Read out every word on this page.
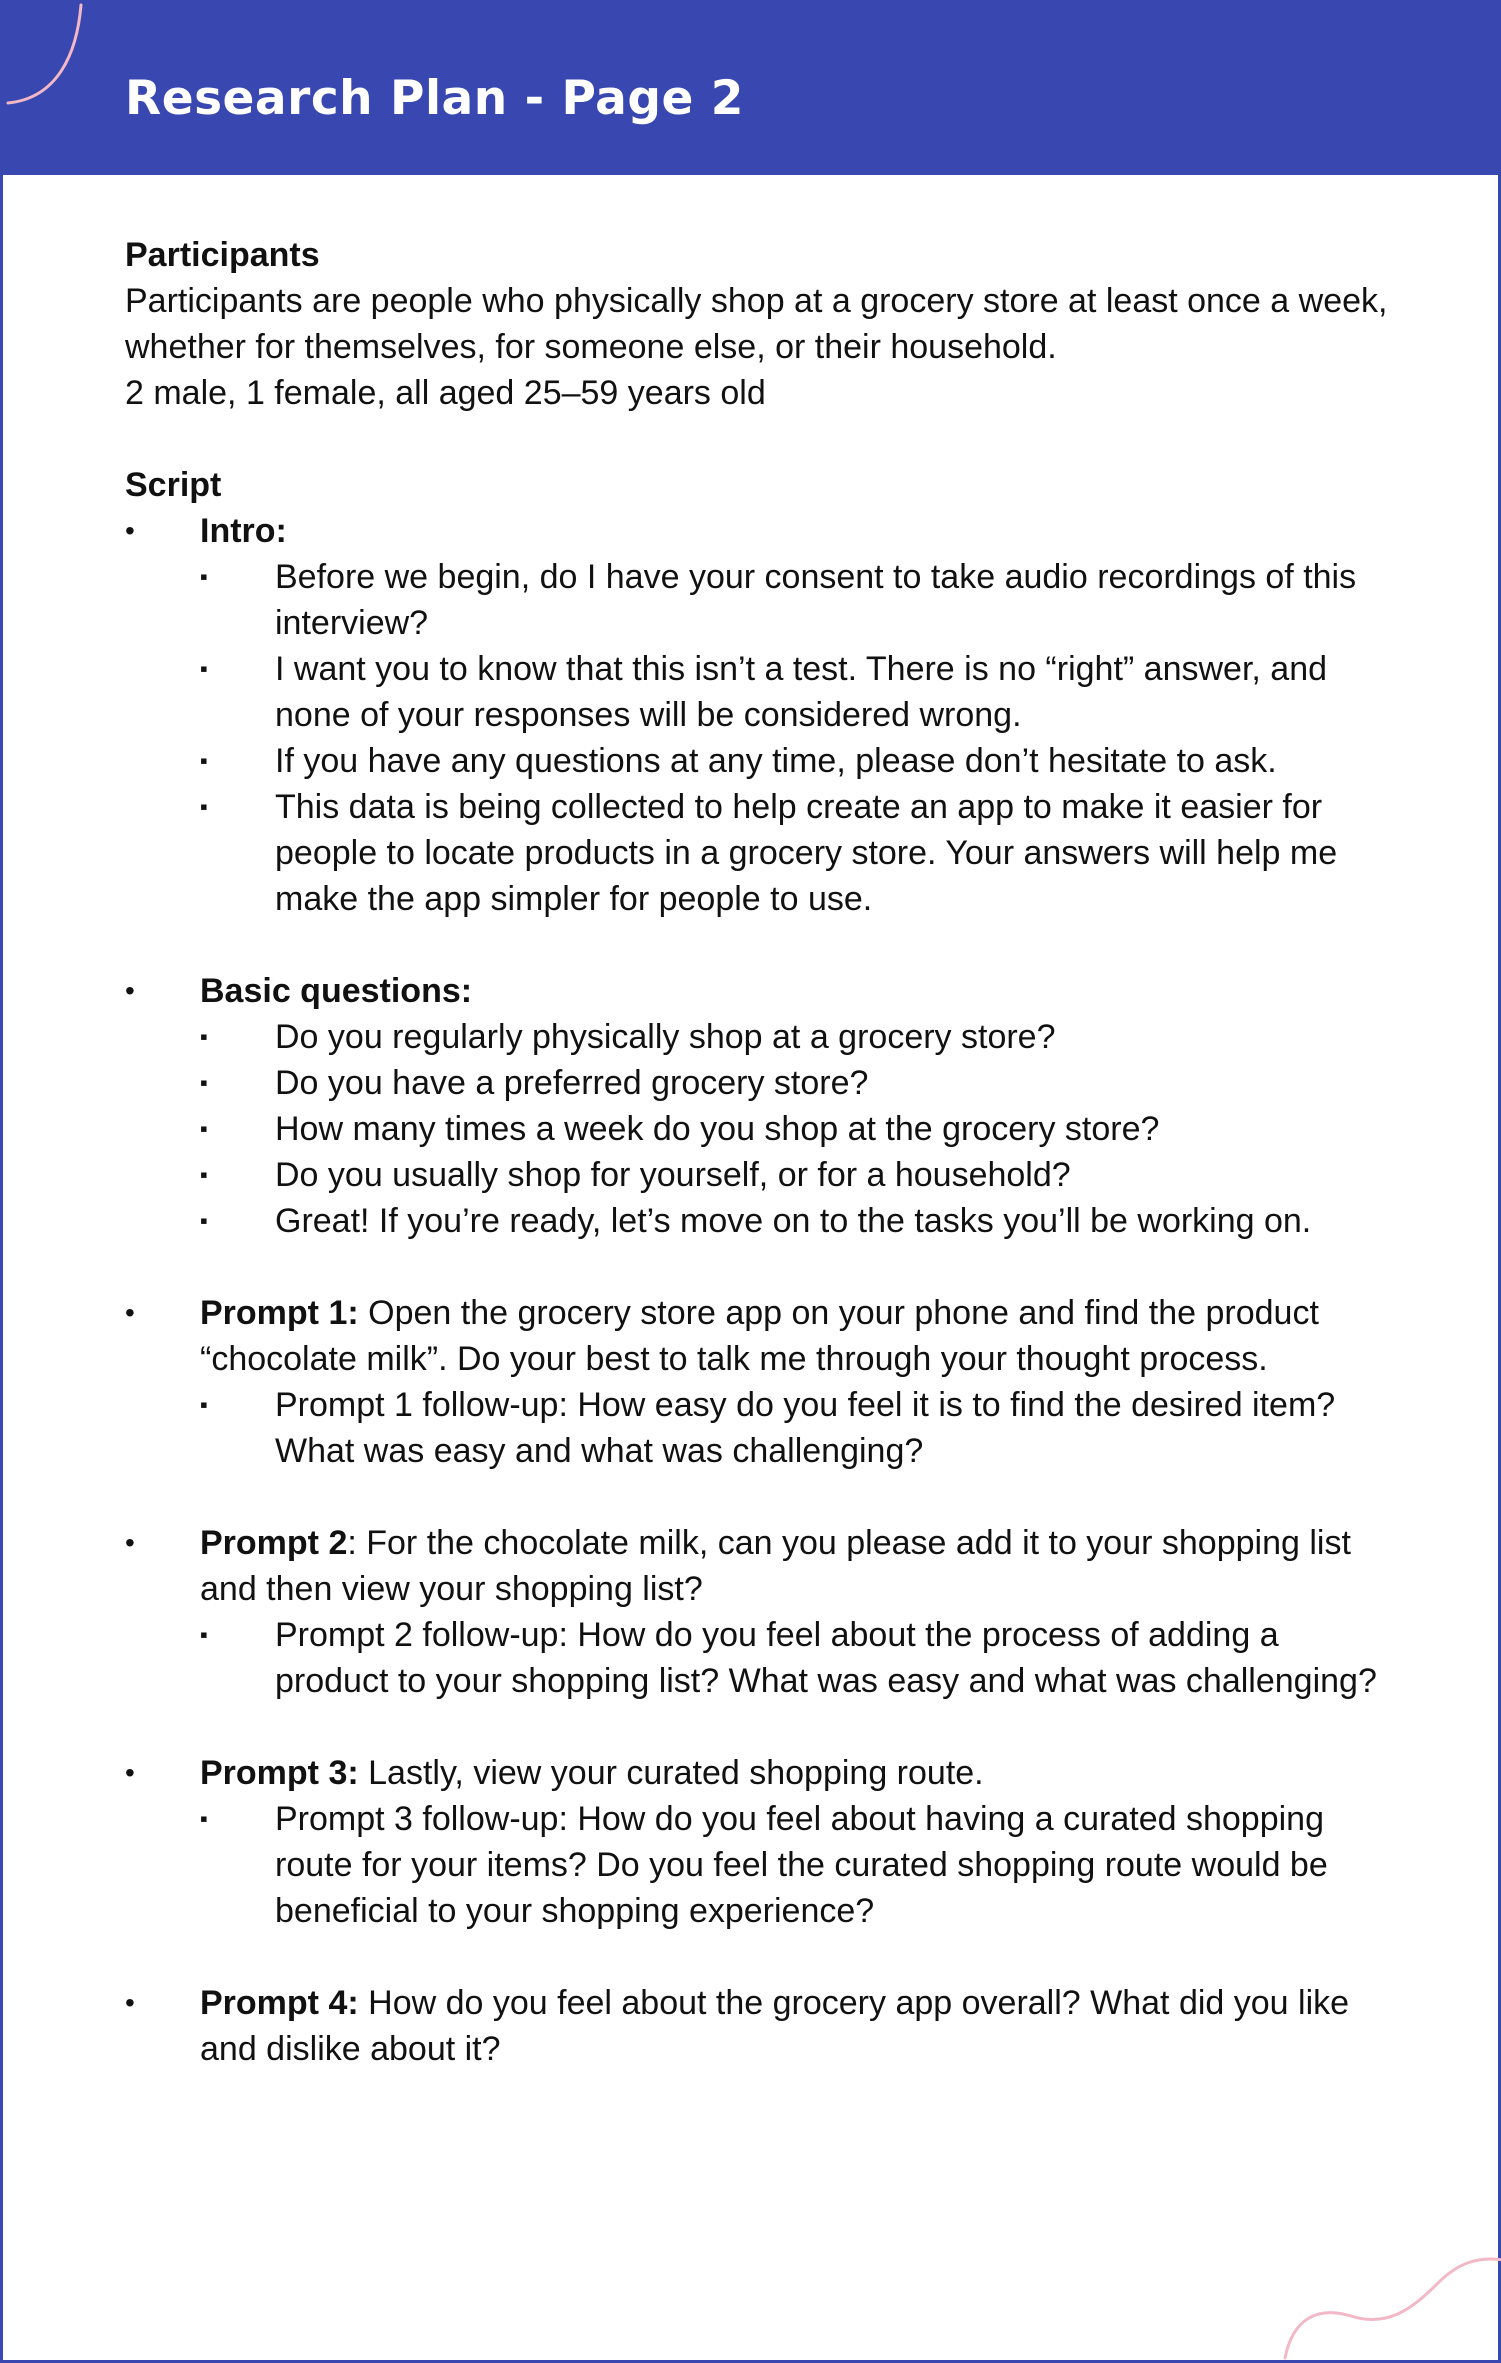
Research Plan - Page 2

Participants

Participants are people who physically shop at a grocery store at least once a week, whether for themselves, for someone else, or their household.

2 male, 1 female, all aged 25–59 years old

Script

• Intro:
▪	Before we begin, do I have your consent to take audio recordings of this interview?
▪	I want you to know that this isn’t a test. There is no “right” answer, and none of your responses will be considered wrong.
▪	If you have any questions at any time, please don’t hesitate to ask.
▪	This data is being collected to help create an app to make it easier for people to locate products in a grocery store. Your answers will help me make the app simpler for people to use.
• Basic questions:
▪	Do you regularly physically shop at a grocery store?
▪	Do you have a preferred grocery store?
▪	How many times a week do you shop at the grocery store?
▪	Do you usually shop for yourself, or for a household?
▪	Great! If you’re ready, let’s move on to the tasks you’ll be working on.
• Prompt 1: Open the grocery store app on your phone and find the product “chocolate milk”. Do your best to talk me through your thought process.
▪	Prompt 1 follow-up: How easy do you feel it is to find the desired item? What was easy and what was challenging?
• Prompt 2: For the chocolate milk, can you please add it to your shopping list and then view your shopping list?
▪	Prompt 2 follow-up: How do you feel about the process of adding a product to your shopping list? What was easy and what was challenging?
• Prompt 3: Lastly, view your curated shopping route.
▪	Prompt 3 follow-up: How do you feel about having a curated shopping route for your items? Do you feel the curated shopping route would be beneficial to your shopping experience?
• Prompt 4: How do you feel about the grocery app overall? What did you like and dislike about it?
